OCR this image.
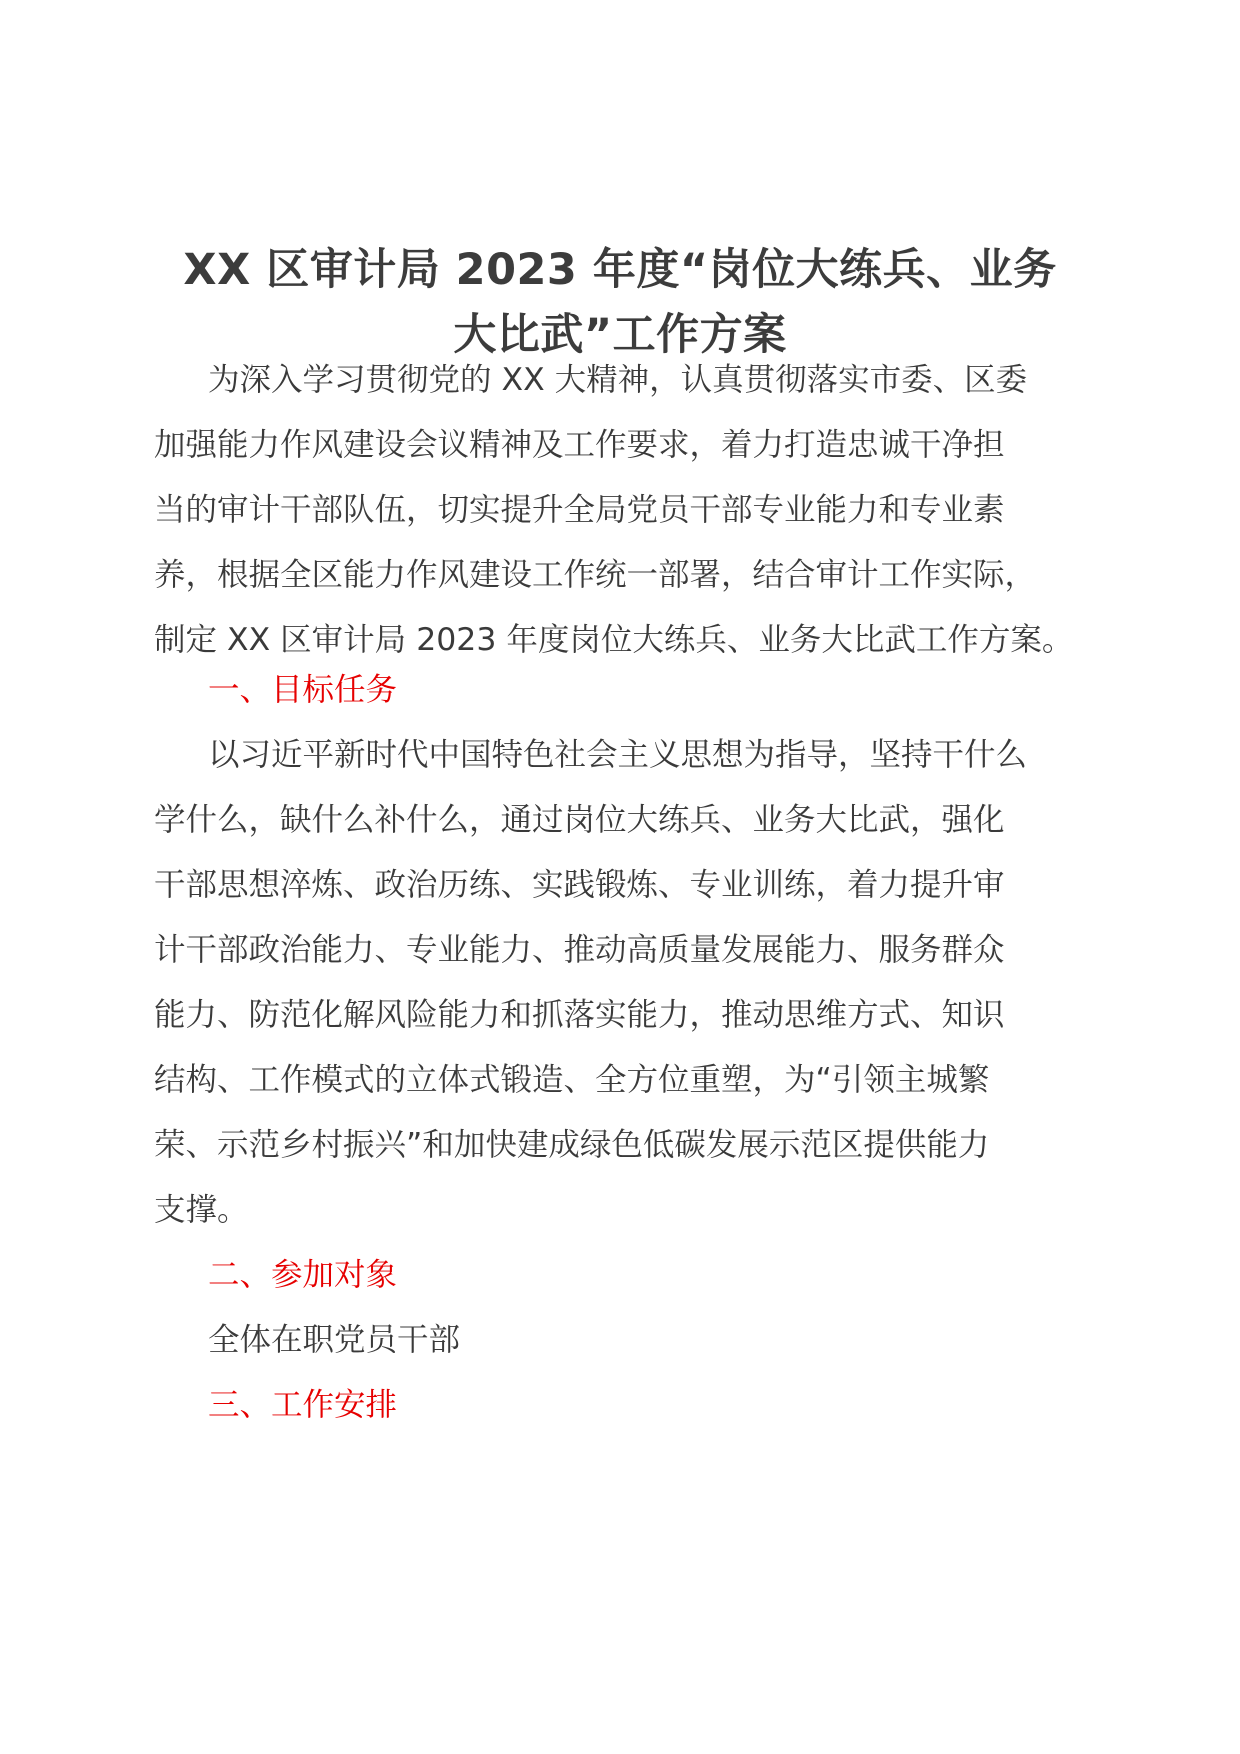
XX 区审计局 2023 年度“岗位大练兵、业务
大比武”工作方案
为深入学习贯彻党的 XX 大精神，认真贯彻落实市委、区委
加强能力作风建设会议精神及工作要求，着力打造忠诚干净担
当的审计干部队伍，切实提升全局党员干部专业能力和专业素
养，根据全区能力作风建设工作统一部署，结合审计工作实际，
制定 XX 区审计局 2023 年度岗位大练兵、业务大比武工作方案。
一、目标任务
以习近平新时代中国特色社会主义思想为指导，坚持干什么
学什么，缺什么补什么，通过岗位大练兵、业务大比武，强化
干部思想淬炼、政治历练、实践锻炼、专业训练，着力提升审
计干部政治能力、专业能力、推动高质量发展能力、服务群众
能力、防范化解风险能力和抓落实能力，推动思维方式、知识
结构、工作模式的立体式锻造、全方位重塑，为“引领主城繁
荣、示范乡村振兴”和加快建成绿色低碳发展示范区提供能力
支撑。
二、参加对象
全体在职党员干部
三、工作安排
